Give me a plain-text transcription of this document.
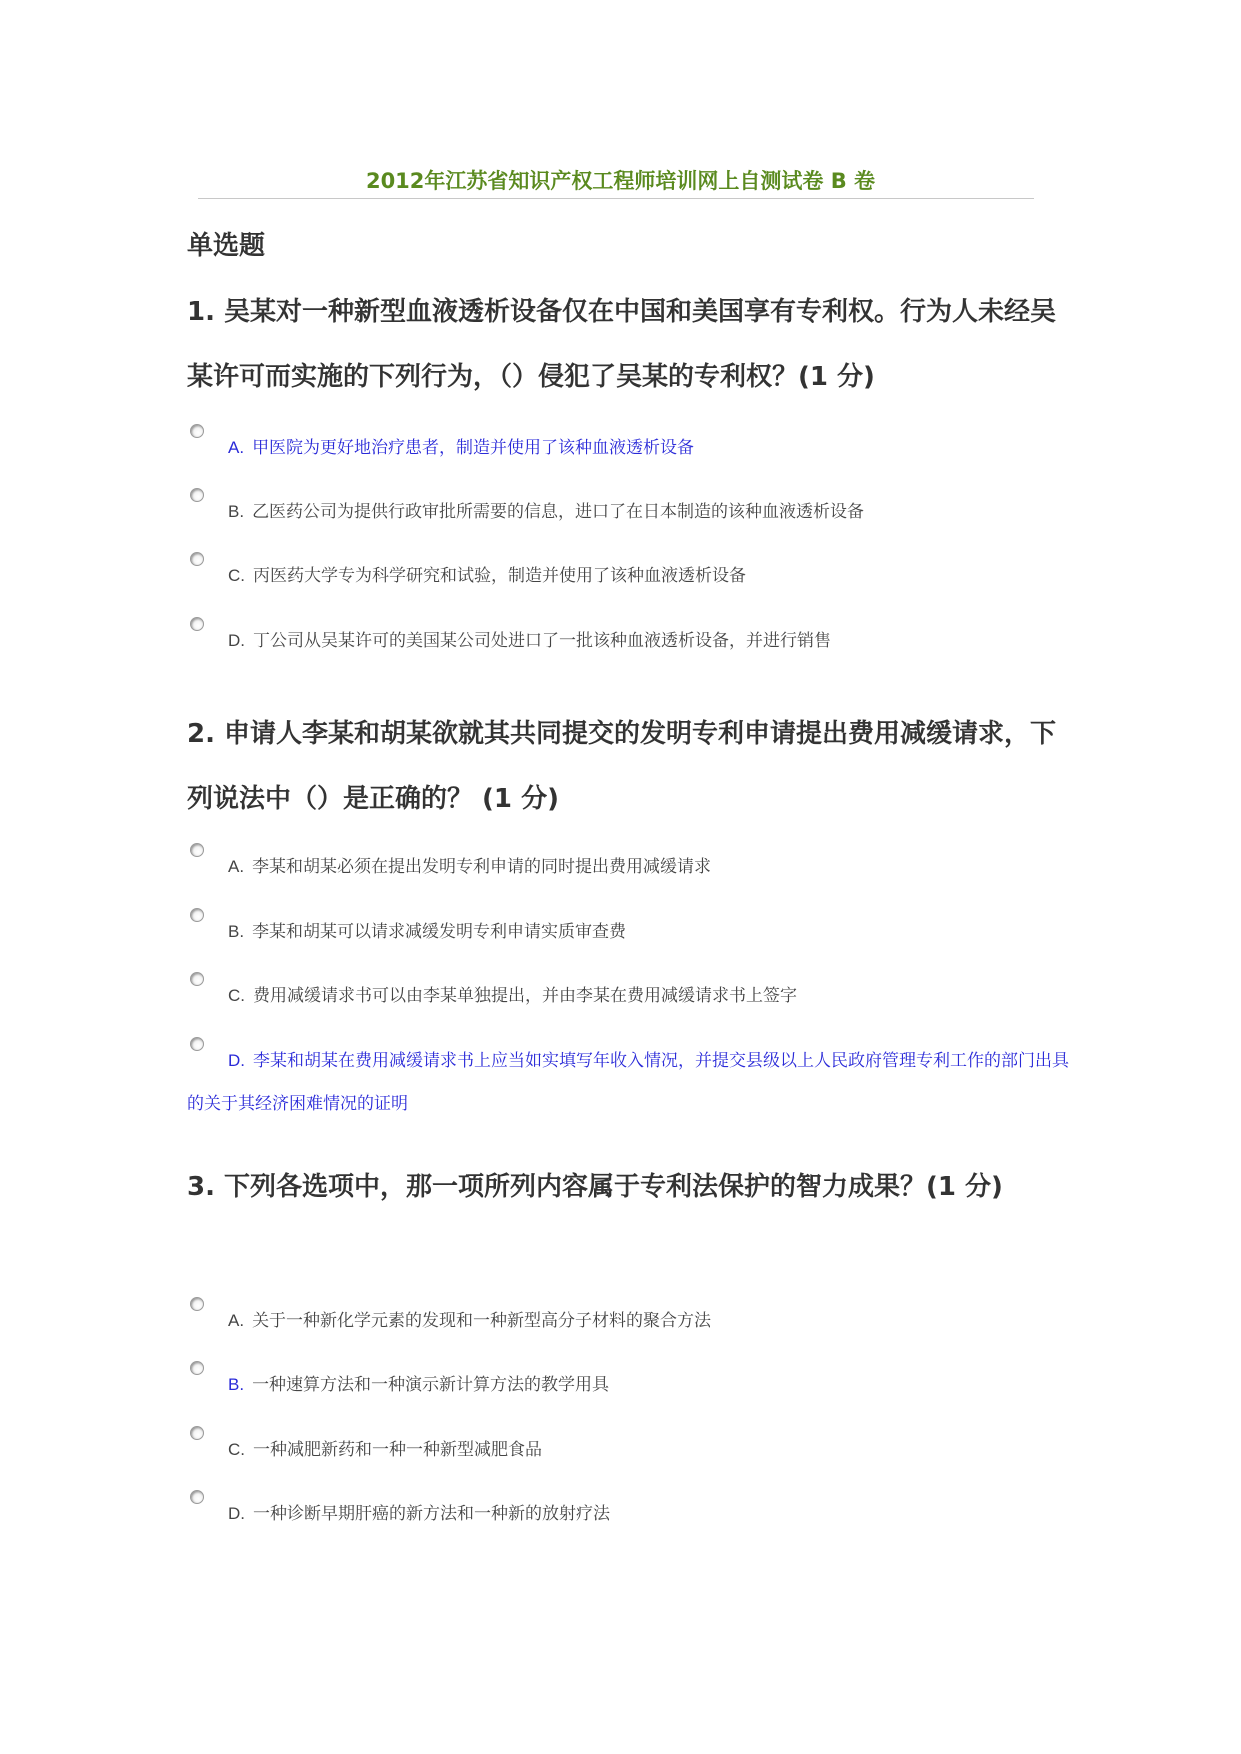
2012年江苏省知识产权工程师培训网上自测试卷 B 卷
单选题
1. 吴某对一种新型血液透析设备仅在中国和美国享有专利权。行为人未经吴某许可而实施的下列行为，（）侵犯了吴某的专利权？(1 分)
A. 甲医院为更好地治疗患者，制造并使用了该种血液透析设备
B. 乙医药公司为提供行政审批所需要的信息，进口了在日本制造的该种血液透析设备
C. 丙医药大学专为科学研究和试验，制造并使用了该种血液透析设备
D. 丁公司从吴某许可的美国某公司处进口了一批该种血液透析设备，并进行销售
2. 申请人李某和胡某欲就其共同提交的发明专利申请提出费用减缓请求，下列说法中（）是正确的？ (1 分)
A. 李某和胡某必须在提出发明专利申请的同时提出费用减缓请求
B. 李某和胡某可以请求减缓发明专利申请实质审查费
C. 费用减缓请求书可以由李某单独提出，并由李某在费用减缓请求书上签字
D. 李某和胡某在费用减缓请求书上应当如实填写年收入情况，并提交县级以上人民政府管理专利工作的部门出具的关于其经济困难情况的证明
3. 下列各选项中，那一项所列内容属于专利法保护的智力成果？(1 分)
A. 关于一种新化学元素的发现和一种新型高分子材料的聚合方法
B. 一种速算方法和一种演示新计算方法的教学用具
C. 一种减肥新药和一种一种新型减肥食品
D. 一种诊断早期肝癌的新方法和一种新的放射疗法
